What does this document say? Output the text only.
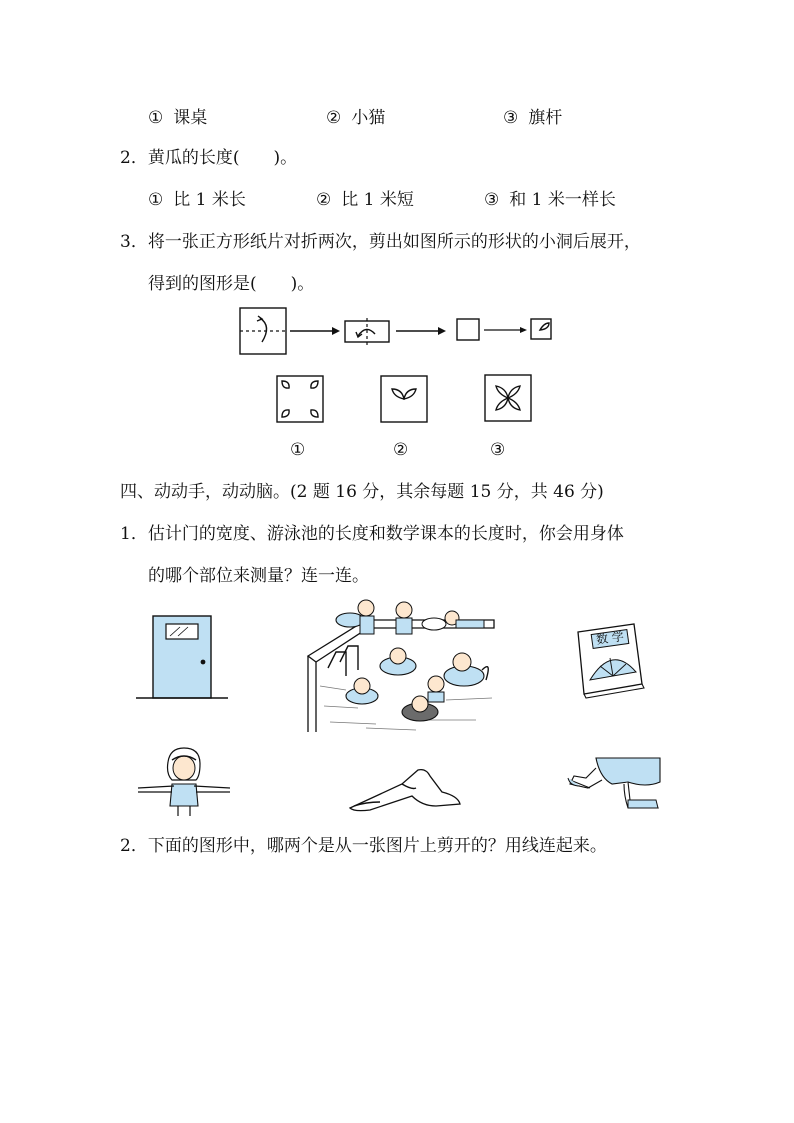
① 课桌	② 小猫	③ 旗杆
2．黄瓜的长度(　　)。
① 比 1 米长	② 比 1 米短	③ 和 1 米一样长
3．将一张正方形纸片对折两次，剪出如图所示的形状的小洞后展开，
得到的图形是(　　)。
①	②	③
四、动动手，动动脑。(2 题 16 分，其余每题 15 分，共 46 分)
1．估计门的宽度、游泳池的长度和数学课本的长度时，你会用身体
的哪个部位来测量？连一连。
数 学
2．下面的图形中，哪两个是从一张图片上剪开的？用线连起来。
